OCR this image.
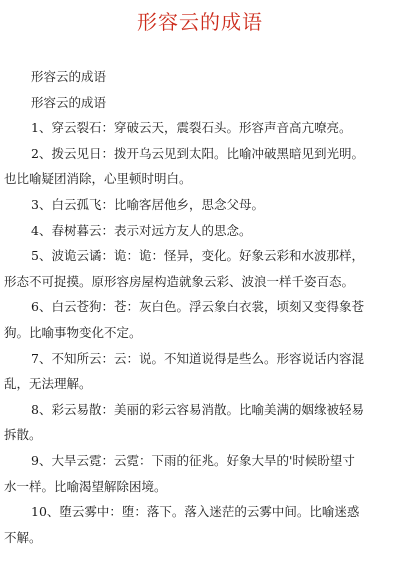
形容云的成语

形容云的成语

形容云的成语

1、穿云裂石：穿破云天，震裂石头。形容声音高亢嘹亮。

2、拨云见日：拨开乌云见到太阳。比喻冲破黑暗见到光明。

也比喻疑团消除，心里顿时明白。

3、白云孤飞：比喻客居他乡，思念父母。

4、春树暮云：表示对远方友人的思念。

5、波诡云谲：诡：诡：怪异，变化。好象云彩和水波那样，

形态不可捉摸。原形容房屋构造就象云彩、波浪一样千姿百态。

6、白云苍狗：苍：灰白色。浮云象白衣裳，顷刻又变得象苍

狗。比喻事物变化不定。

7、不知所云：云：说。不知道说得是些么。形容说话内容混

乱，无法理解。

8、彩云易散：美丽的彩云容易消散。比喻美满的姻缘被轻易

拆散。

9、大旱云霓：云霓：下雨的征兆。好象大旱的'时候盼望寸

水一样。比喻渴望解除困境。

10、堕云雾中：堕：落下。落入迷茫的云雾中间。比喻迷惑

不解。
